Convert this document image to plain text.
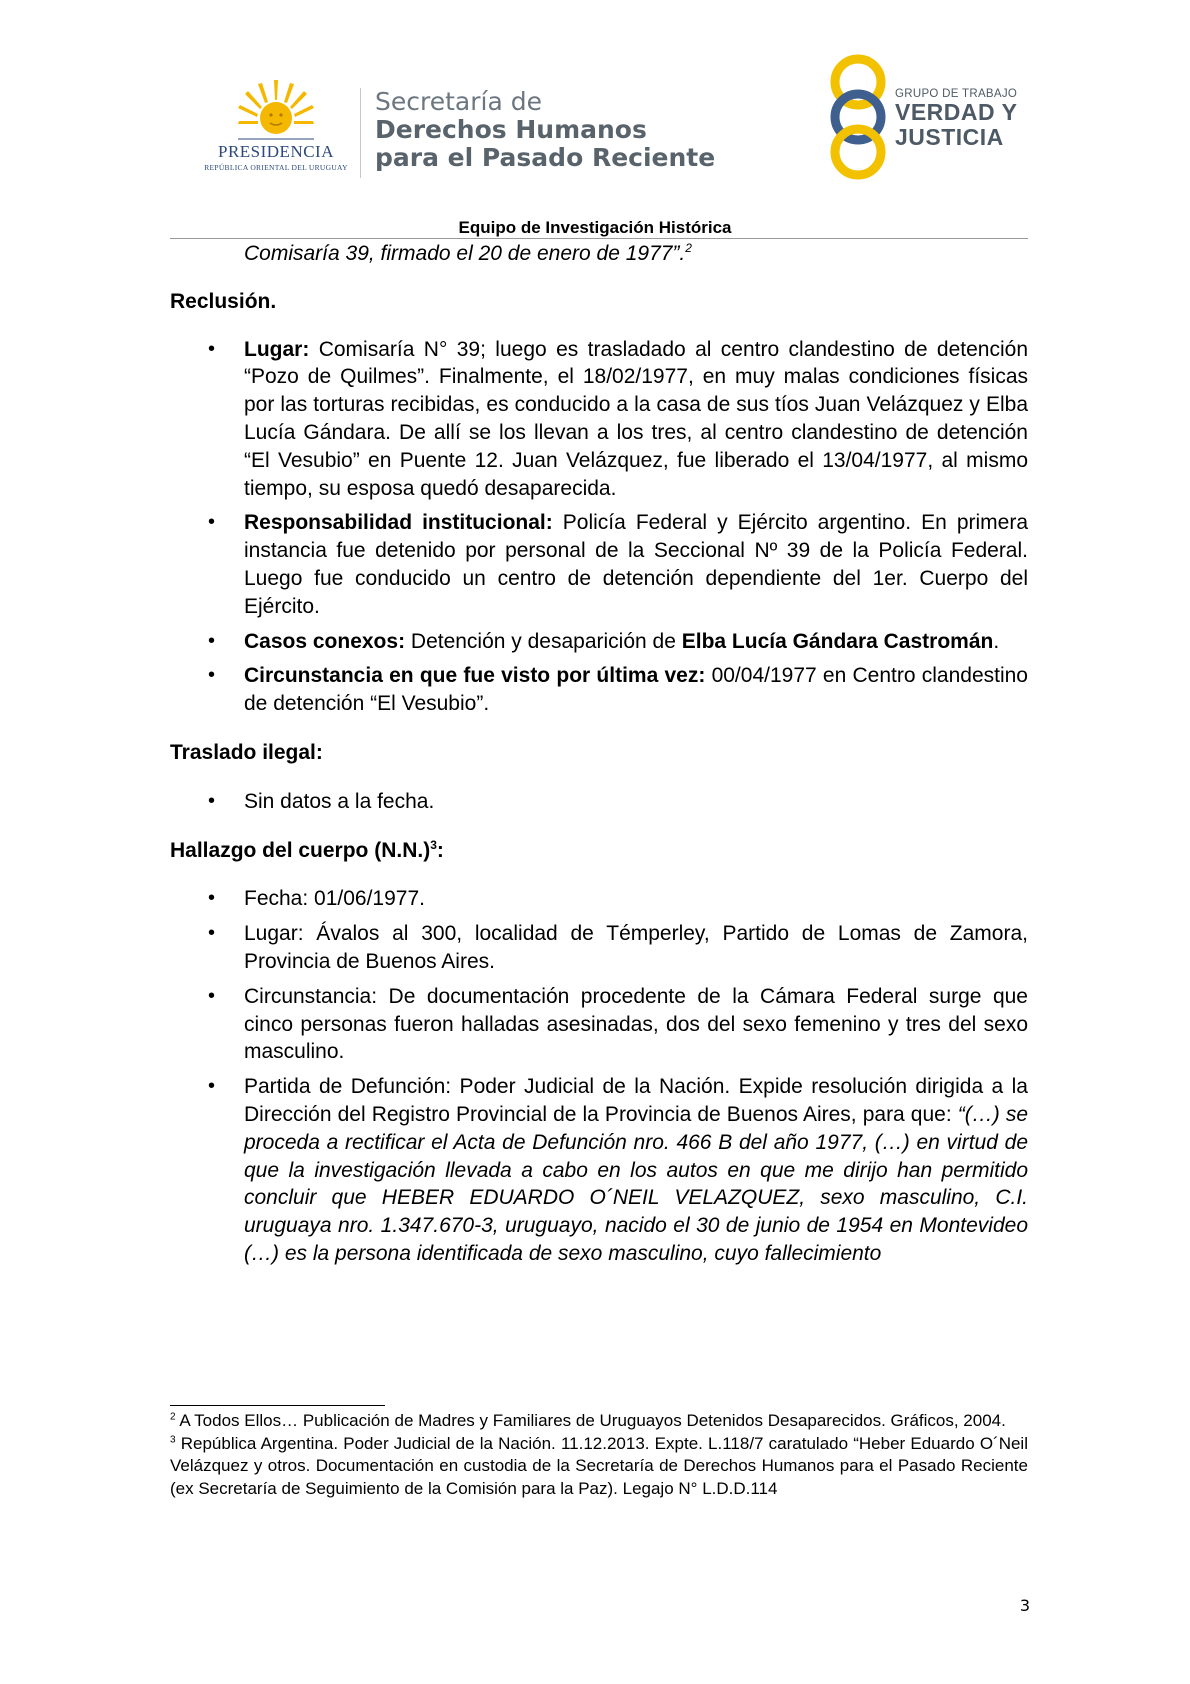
PRESIDENCIA
REPÚBLICA ORIENTAL DEL URUGUAY
Secretaría de
Derechos Humanos
para el Pasado Reciente
GRUPO DE TRABAJO
VERDAD Y
JUSTICIA
Equipo de Investigación Histórica
Comisaría 39, firmado el 20 de enero de 1977”.$^2$
Reclusión.
• Lugar: Comisaría N° 39; luego es trasladado al centro clandestino de detención “Pozo de Quilmes”. Finalmente, el 18/02/1977, en muy malas condiciones físicas por las torturas recibidas, es conducido a la casa de sus tíos Juan Velázquez y Elba Lucía Gándara. De allí se los llevan a los tres, al centro clandestino de detención “El Vesubio” en Puente 12. Juan Velázquez, fue liberado el 13/04/1977, al mismo tiempo, su esposa quedó desaparecida.
• Responsabilidad institucional: Policía Federal y Ejército argentino. En primera instancia fue detenido por personal de la Seccional Nº 39 de la Policía Federal. Luego fue conducido un centro de detención dependiente del 1er. Cuerpo del Ejército.
• Casos conexos: Detención y desaparición de Elba Lucía Gándara Castromán.
• Circunstancia en que fue visto por última vez: 00/04/1977 en Centro clandestino de detención “El Vesubio”.
Traslado ilegal:
• Sin datos a la fecha.
Hallazgo del cuerpo $(N.N.)^3$:
• Fecha: 01/06/1977.
• Lugar: Ávalos al 300, localidad de Témperley, Partido de Lomas de Zamora, Provincia de Buenos Aires.
• Circunstancia: De documentación procedente de la Cámara Federal surge que cinco personas fueron halladas asesinadas, dos del sexo femenino y tres del sexo masculino.
• Partida de Defunción: Poder Judicial de la Nación. Expide resolución dirigida a la Dirección del Registro Provincial de la Provincia de Buenos Aires, para que: “(…) se proceda a rectificar el Acta de Defunción nro. 466 B del año 1977, (…) en virtud de que la investigación llevada a cabo en los autos en que me dirijo han permitido concluir que HEBER EDUARDO O´NEIL VELAZQUEZ, sexo masculino, C.I. uruguaya nro. 1.347.670-3, uruguayo, nacido el 30 de junio de 1954 en Montevideo (…) es la persona identificada de sexo masculino, cuyo fallecimiento
$^2$ A Todos Ellos… Publicación de Madres y Familiares de Uruguayos Detenidos Desaparecidos. Gráficos, 2004.
$^3$ República Argentina. Poder Judicial de la Nación. 11.12.2013. Expte. L.118/7 caratulado “Heber Eduardo O´Neil Velázquez y otros. Documentación en custodia de la Secretaría de Derechos Humanos para el Pasado Reciente (ex Secretaría de Seguimiento de la Comisión para la Paz). Legajo N° L.D.D.114
3
